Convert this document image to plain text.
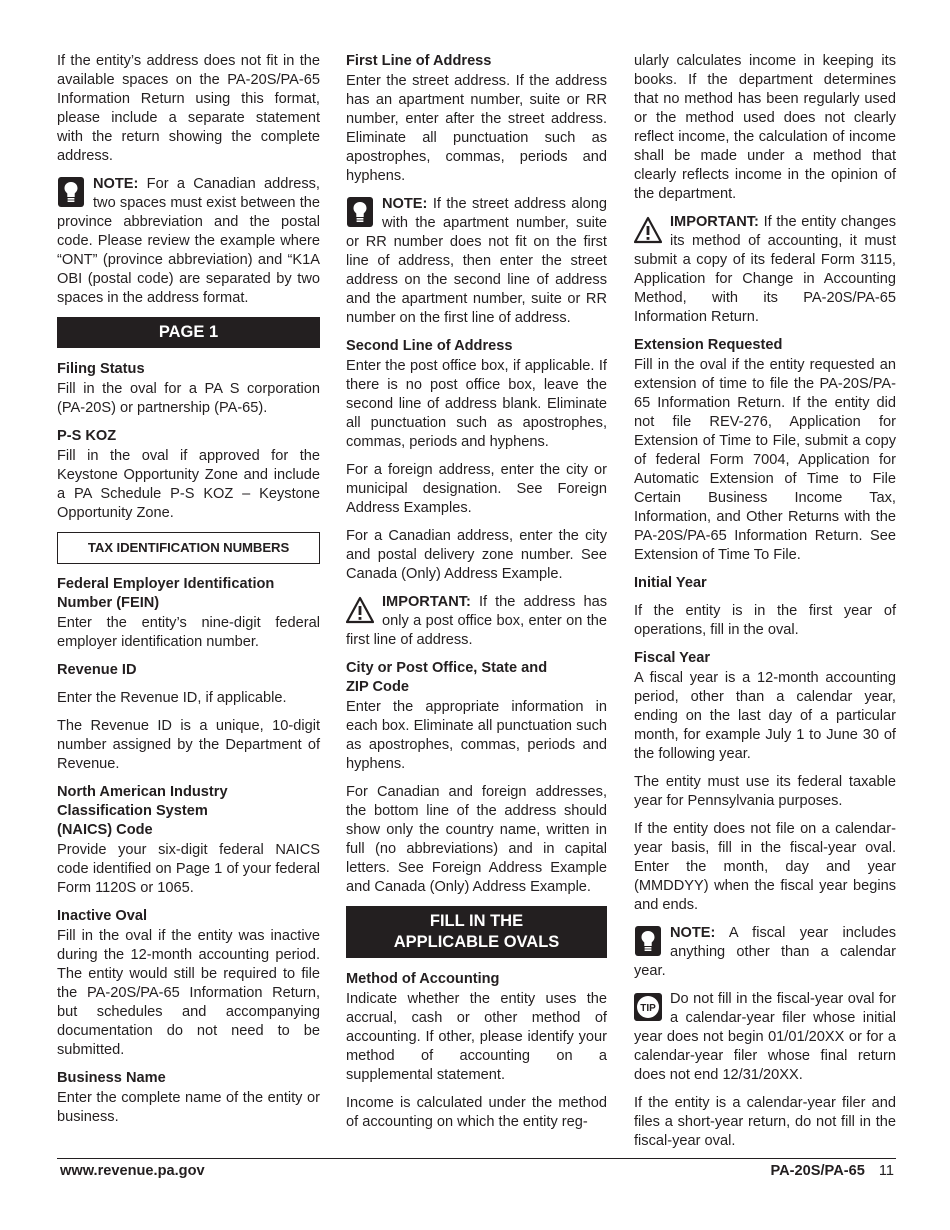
If the entity’s address does not fit in the available spaces on the PA-20S/PA-65 Information Return using this format, please include a separate statement with the return showing the complete address.

NOTE: For a Canadian address, two spaces must exist between the province abbreviation and the postal code. Please review the example where “ONT” (province abbreviation) and “K1A OBI (postal code) are separated by two spaces in the address format.
PAGE 1
Filing Status

Fill in the oval for a PA S corporation (PA-20S) or partnership (PA-65).

P-S KOZ

Fill in the oval if approved for the Keystone Opportunity Zone and include a PA Schedule P-S KOZ – Keystone Opportunity Zone.

TAX IDENTIFICATION NUMBERS
Federal Employer Identification
Number (FEIN)

Enter the entity’s nine-digit federal employer identification number.

Revenue ID

Enter the Revenue ID, if applicable.

The Revenue ID is a unique, 10-digit number assigned by the Department of Revenue.

North American Industry
Classification System
(NAICS) Code

Provide your six-digit federal NAICS code identified on Page 1 of your federal Form 1120S or 1065.

Inactive Oval

Fill in the oval if the entity was inactive during the 12-month accounting period. The entity would still be required to file the PA-20S/PA-65 Information Return, but schedules and accompanying documentation do not need to be submitted.

Business Name

Enter the complete name of the entity or business.

First Line of Address

Enter the street address. If the address has an apartment number, suite or RR number, enter after the street address. Eliminate all punctuation such as apostrophes, commas, periods and hyphens.

NOTE: If the street address along with the apartment number, suite or RR number does not fit on the first line of address, then enter the street address on the second line of address and the apartment number, suite or RR number on the first line of address.
Second Line of Address

Enter the post office box, if applicable. If there is no post office box, leave the second line of address blank. Eliminate all punctuation such as apostrophes, commas, periods and hyphens.

For a foreign address, enter the city or municipal designation. See Foreign Address Examples.

For a Canadian address, enter the city and postal delivery zone number. See Canada (Only) Address Example.

IMPORTANT: If the address has only a post office box, enter on the first line of address.
City or Post Office, State and
ZIP Code

Enter the appropriate information in each box. Eliminate all punctuation such as apostrophes, commas, periods and hyphens.

For Canadian and foreign addresses, the bottom line of the address should show only the country name, written in full (no abbreviations) and in capital letters. See Foreign Address Example and Canada (Only) Address Example.

FILL IN THE
APPLICABLE OVALS
Method of Accounting

Indicate whether the entity uses the accrual, cash or other method of accounting. If other, please identify your method of accounting on a supplemental statement.

Income is calculated under the method of accounting on which the entity reg-

ularly calculates income in keeping its books. If the department determines that no method has been regularly used or the method used does not clearly reflect income, the calculation of income shall be made under a method that clearly reflects income in the opinion of the department.

IMPORTANT: If the entity changes its method of accounting, it must submit a copy of its federal Form 3115, Application for Change in Accounting Method, with its PA-20S/PA-65 Information Return.
Extension Requested

Fill in the oval if the entity requested an extension of time to file the PA-20S/PA-65 Information Return. If the entity did not file REV-276, Application for Extension of Time to File, submit a copy of federal Form 7004, Application for Automatic Extension of Time to File Certain Business Income Tax, Information, and Other Returns with the PA-20S/PA-65 Information Return. See Extension of Time To File.

Initial Year

If the entity is in the first year of operations, fill in the oval.

Fiscal Year

A fiscal year is a 12-month accounting period, other than a calendar year, ending on the last day of a particular month, for example July 1 to June 30 of the following year.

The entity must use its federal taxable year for Pennsylvania purposes.

If the entity does not file on a calendar-year basis, fill in the fiscal-year oval. Enter the month, day and year (MMDDYY) when the fiscal year begins and ends.

NOTE: A fiscal year includes anything other than a calendar year.
TIP
Do not fill in the fiscal-year oval for a calendar-year filer whose initial year does not begin 01/01/20XX or for a calendar-year filer whose final return does not end 12/31/20XX.

If the entity is a calendar-year filer and files a short-year return, do not fill in the fiscal-year oval.

www.revenue.pa.gov	PA-20S/PA-65 11
